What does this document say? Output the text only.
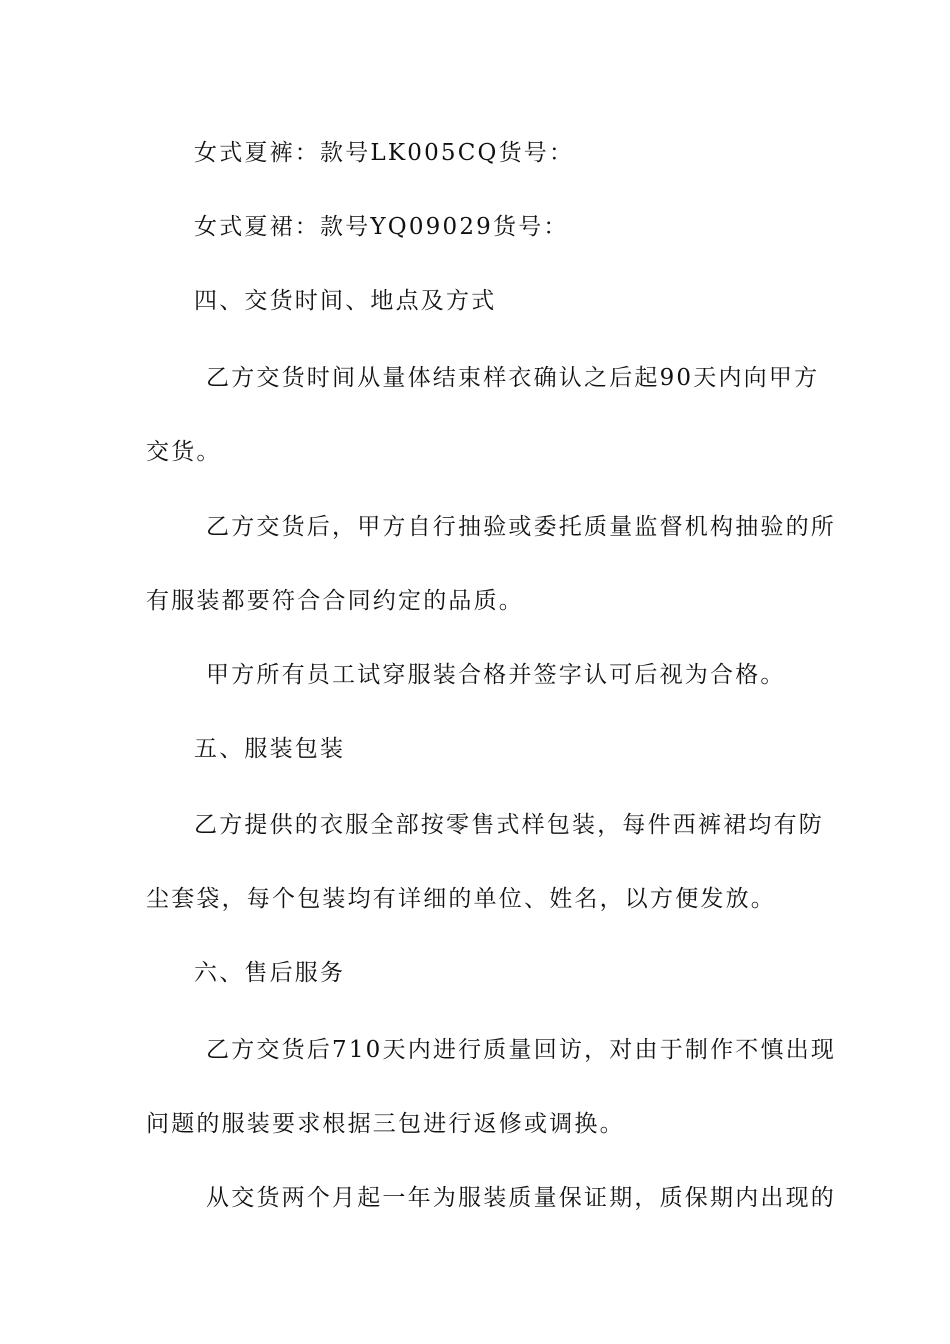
女式夏裤：款号LK005CQ货号：
女式夏裙：款号YQ09029货号：
四、交货时间、地点及方式
乙方交货时间从量体结束样衣确认之后起90天内向甲方
交货。
乙方交货后，甲方自行抽验或委托质量监督机构抽验的所
有服装都要符合合同约定的品质。
甲方所有员工试穿服装合格并签字认可后视为合格。
五、服装包装
乙方提供的衣服全部按零售式样包装，每件西裤裙均有防
尘套袋，每个包装均有详细的单位、姓名，以方便发放。
六、售后服务
乙方交货后710天内进行质量回访，对由于制作不慎出现
问题的服装要求根据三包进行返修或调换。
从交货两个月起一年为服装质量保证期，质保期内出现的
